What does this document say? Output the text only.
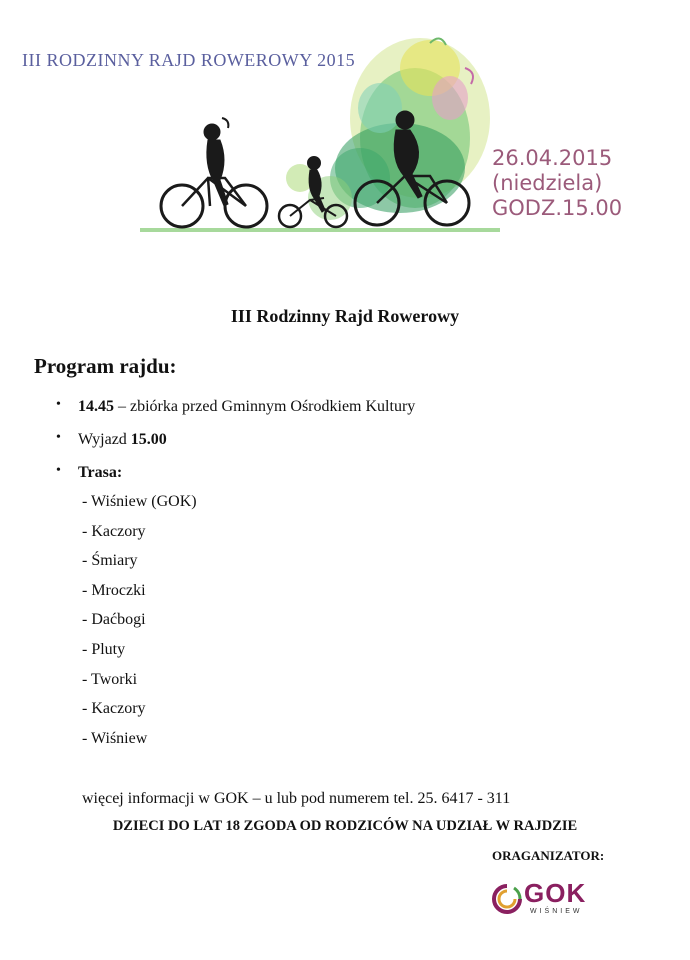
III RODZINNY RAJD ROWEROWY 2015
26.04.2015
(niedziela)
GODZ.15.00
III Rodzinny Rajd Rowerowy
Program rajdu:
• 14.45 – zbiórka przed Gminnym Ośrodkiem Kultury
• Wyjazd 15.00
• Trasa:
- Wiśniew (GOK)
- Kaczory
- Śmiary
- Mroczki
- Daćbogi
- Pluty
- Tworki
- Kaczory
- Wiśniew
więcej informacji w GOK – u lub pod numerem tel. 25. 6417 - 311
DZIECI DO LAT 18 ZGODA OD RODZICÓW NA UDZIAŁ W RAJDZIE
ORAGANIZATOR:
GOK
WIŚNIEW
